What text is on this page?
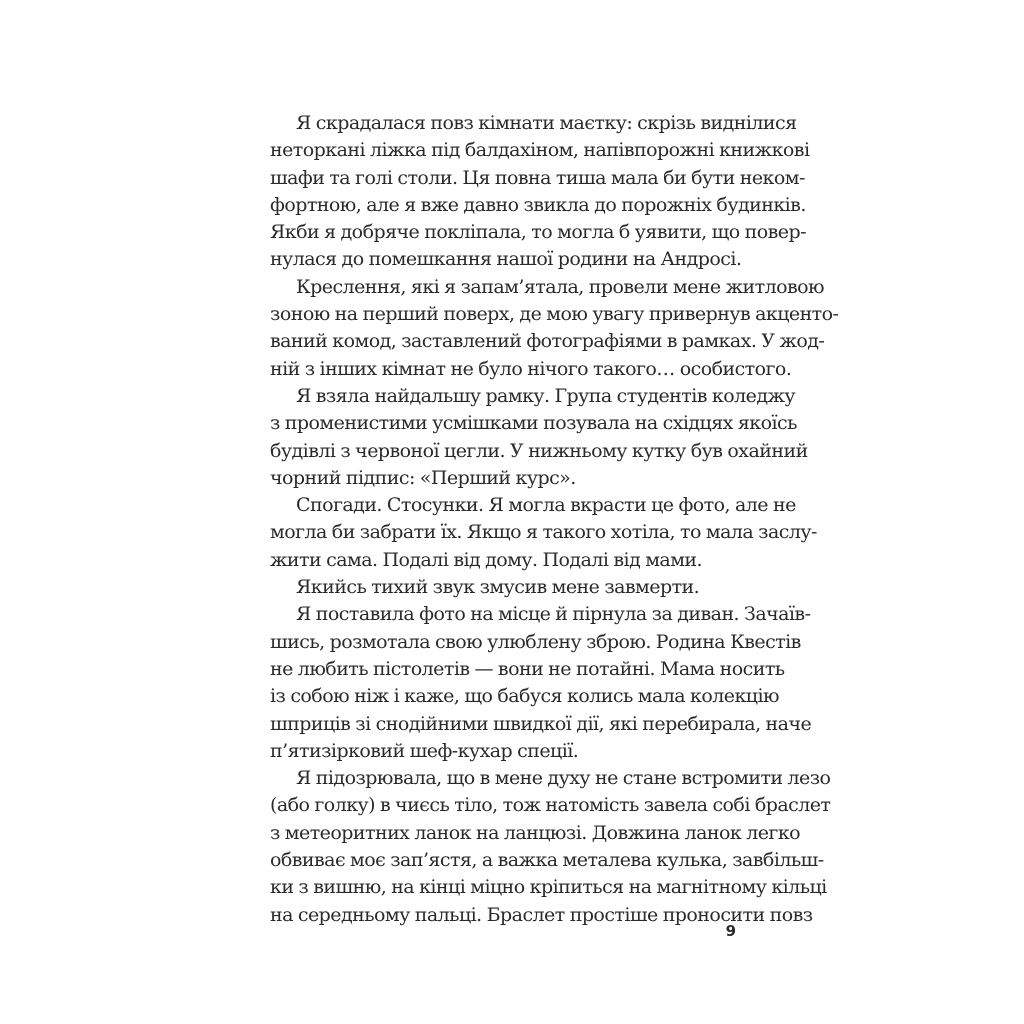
Я скрадалася повз кімнати маєтку: скрізь виднілися
неторкані ліжка під балдахіном, напівпорожні книжкові
шафи та голі столи. Ця повна тиша мала би бути неком-
фортною, але я вже давно звикла до порожніх будинків.
Якби я добряче покліпала, то могла б уявити, що повер-
нулася до помешкання нашої родини на Андросі.
Креслення, які я запам’ятала, провели мене житловою
зоною на перший поверх, де мою увагу привернув акценто-
ваний комод, заставлений фотографіями в рамках. У жод-
ній з інших кімнат не було нічого такого… особистого.
Я взяла найдальшу рамку. Група студентів коледжу
з променистими усмішками позувала на східцях якоїсь
будівлі з червоної цегли. У нижньому кутку був охайний
чорний підпис: «Перший курс».
Спогади. Стосунки. Я могла вкрасти це фото, але не
могла би забрати їх. Якщо я такого хотіла, то мала заслу-
жити сама. Подалі від дому. Подалі від мами.
Якийсь тихий звук змусив мене завмерти.
Я поставила фото на місце й пірнула за диван. Зачаїв-
шись, розмотала свою улюблену зброю. Родина Квестів
не любить пістолетів — вони не потайні. Мама носить
із собою ніж і каже, що бабуся колись мала колекцію
шприців зі снодійними швидкої дії, які перебирала, наче
п’ятизірковий шеф-кухар спеції.
Я підозрювала, що в мене духу не стане встромити лезо
(або голку) в чиєсь тіло, тож натомість завела собі браслет
з метеоритних ланок на ланцюзі. Довжина ланок легко
обвиває моє зап’ястя, а важка металева кулька, завбільш-
ки з вишню, на кінці міцно кріпиться на магнітному кільці
на середньому пальці. Браслет простіше проносити повз
9
